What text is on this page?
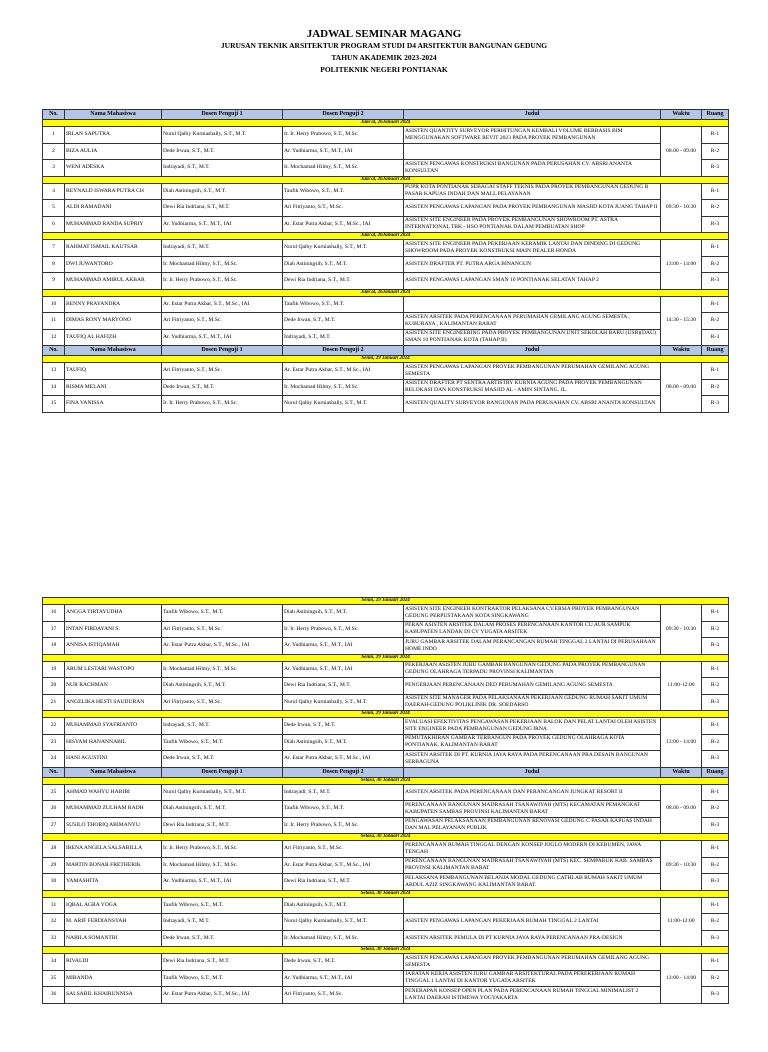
JADWAL SEMINAR MAGANG
JURUSAN TEKNIK ARSITEKTUR PROGRAM STUDI D4 ARSITEKTUR BANGUNAN GEDUNG
TAHUN AKADEMIK 2023-2024
POLITEKNIK NEGERI PONTIANAK
No.	Nama Mahasiswa	Dosen Penguji 1	Dosen Penguji 2	Judul	Waktu	Ruang
Jum'at, 26Januari 2024						
1	IRLAN SAPUTRA	Nurul Qalby Kurniashally, S.T., M.T.	Ir. Ir. Herry Prabowo, S.T., M.Sc.	ASISTEN QUANTITY SURVEYOR PERHITUNGAN KEMBALI VOLUME BERBASIS BIM MENGGUNAKAN SOFTWARE REVIT 2023 PADA PROYEK PEMBANGUNAN	08.00 - 09.00	R-1
2	BIZA AULIA	Dede Irwan, S.T., M.T.	Ar. Yudhiarma, S.T., M.T., IAI			R-2
3	WENI ADESKA	Indrayadi, S.T., M.T.	Ir. Mochamad Hilmy, S.T., M.Sc.	ASISTEN PENGAWAS KONSTRUKSI BANGUNAN PADA PERUSAHAN CV. ABSRI ANANTA KONSULTAN		R-3
Jum'at, 26Januari 2024						
4	REYNALD ISWARA PUTRA CH	Diah Astiningsih, S.T., M.T.	Taufik Wibowo, S.T., M.T.	PUPR KOTA PONTIANAK SEBAGAI STAFF TEKNIS PADA PROYEK PEMBANGUNAN GEDUNG B PASAR KAPUAS INDAH DAN MALL PELAYANAN	09:30 - 10:30	R-1
5	ALDI RAMADANI	Dewi Ria Indriana, S.T., M.T.	Ari Fitriyanto, S.T., M.Sc.	ASISTEN PENGAWAS LAPANGAN PADA PROYEK PEMBANGUNAN MASJID KOTA JUANG TAHAP II		R-2
6	MUHAMMAD RANDA SUPRIY	Ar. Yudhiarma, S.T., M.T., IAI	Ar. Estar Putra Akbar, S.T., M.Sc., IAI	ASISTEN SITE ENGINEER PADA PROYEK PEMBANGUNAN SHOWROOM PT. ASTRA INTERNATIONAL TBK - HSO PONTIANAK DALAM PEMBUATAN SHOP		R-3
Jum'at, 26Januari 2024						
7	RAHMAT ISMAIL KAUTSAR	Indrayadi, S.T., M.T.	Nurul Qalby Kurniashally, S.T., M.T.	ASISTEN SITE ENGINEER PADA PEKERJAAN KERAMIK LANTAI DAN DINDING DI GEDUNG SHOWROOM PADA PROYEK KONSTRUKSI MAIN DEALER HONDA	13:00 - 14:00	R-1
8	DWI JUWANTORO	Ir. Mochamad Hilmy, S.T., M.Sc.	Diah Astiningsih, S.T., M.T.	ASISTEN DRAFTER PT. PUTRA ARGA BINANGUN		R-2
9	MUHAMMAD AMIRUL AKBAR	Ir. Ir. Herry Prabowo, S.T., M.Sc.	Dewi Ria Indriana, S.T., M.T.	ASISTEN PENGAWAS LAPANGAN SMAN 10 PONTIANAK SELATAN TAHAP 2		R-3
Jum'at, 26Januari 2024						
10	BENNY PRAYANDRA	Ar. Estar Putra Akbar, S.T., M.Sc., IAI	Taufik Wibowo, S.T., M.T.		14:30 - 15:30	R-1
11	DIMAS RONY MARYONO	Ari Fitriyanto, S.T., M.Sc.	Dede Irwan, S.T., M.T.	ASISTEN ARSITEK PADA PERENCANAAN PERUMAHAN GEMILANG AGUNG SEMESTA , KUBURAYA , KALIMANTAN BARAT		R-2
12	TAUFIQ AL HAFIZH	Ar. Yudhiarma, S.T., M.T., IAI	Indrayadi, S.T., M.T.	ASISTEN SITE ENGINEERING PADA PROYEK PEMBANGUNAN UNIT SEKOLAH BARU (USB)(DAU) SMAN 10 PONTIANAK KOTA (TAHAP II)		R-3
No.	Nama Mahasiswa	Dosen Penguji 1	Dosen Penguji 2	Judul	Waktu	Ruang
Senin, 29 Januari 2024						
13	TAUFIQ	Ari Fitriyanto, S.T., M.Sc.	Ar. Estar Putra Akbar, S.T., M.Sc., IAI	ASISTEN PENGAWAS LAPANGAN PROYEK PEMBANGUNAN PERUMAHAN GEMILANG AGUNG SEMESTA	08.00 - 09.00	R-1
14	RISMA MELANI	Dede Irwan, S.T., M.T.	Ir. Mochamad Hilmy, S.T., M.Sc.	ASISTEN DRAFTER PT SENTRA ARTISTRY KURNIA AGUNG PADA PROYEK PEMBANGUNAN RELOKASI DAN KONSTRUKSI MASJID AL - AMIN SINTANG. JL.		R-2
15	FINA VANISSA	Ir. Ir. Herry Prabowo, S.T., M.Sc.	Nurul Qalby Kurniashally, S.T., M.T.	ASISTEN QUALITY SURVEYOR BANGUNAN PADA PERUSAHAN CV. ABSRI ANANTA KONSULTAN		R-3
Senin, 29 Januari 2024						
16	ANGGA TIRTAYUDHA	Taufik Wibowo, S.T., M.T.	Diah Astiningsih, S.T., M.T.	ASISTEN SITE ENGINEER KONTRAKTOR PELAKSANA CV.ERSIA PROYEK PEMBANGUNAN GEDUNG PERPUSTAKAAN KOTA SINGKAWANG	09:30 - 10:30	R-1
17	INTAN FIRDAYANI S.	Ari Fitriyanto, S.T., M.Sc.	Ir. Ir. Herry Prabowo, S.T., M.Sc.	PERAN ASISTEN ARSITEK DALAM PROSES PERENCANAAN KANTOR CU AUR SAMPUK KABUPATEN LANDAK DI CV YUGATA ARSITEK		R-2
18	ANNISA ISTIQAMAH	Ar. Estar Putra Akbar, S.T., M.Sc., IAI	Ar. Yudhiarma, S.T., M.T., IAI	JURU GAMBAR ARSITEK DALAM PERANCANGAN RUMAH TINGGAL 2 LANTAI DI PERUSAHAAN HOME INDO		R-3
Senin, 29 Januari 2024						
19	ARUM LESTARI WASTOPO	Ir. Mochamad Hilmy, S.T., M.Sc.	Ar. Yudhiarma, S.T., M.T., IAI	PEKERJAAN ASISTEN JURU GAMBAR BANGUNAN GEDUNG PADA PROYEK PEMBANGUNAN GEDUNG OLAHRAGA TERPADU PROVINSI KALIMANTAN	11:00-12:00	R-1
20	NUR RACHMAN	Diah Astiningsih, S.T., M.T.	Dewi Ria Indriana, S.T., M.T.	PENGERJAAN PERENCANAAN DED PERUMAHAN GEMILANG AGUNG SEMESTA		R-2
21	ANGELIKA HESTI SAUDURAN	Ari Fitriyanto, S.T., M.Sc.	Nurul Qalby Kurniashally, S.T., M.T.	ASISTEN SITE MANAGER PADA PELAKSANAAN PEKERJAAN GEDUNG RUMAH SAKIT UMUM DAERAH-GEDUNG POLIKLINIK DR. SOEDARSO		R-3
Senin, 29 Januari 2024						
22	MUHAMMAD SYAFRIANTO	Indrayadi, S.T., M.T.	Dede Irwan, S.T., M.T.	EVALUASI EFEKTIVITAS PENGAWASAN PEKERJAAN BALOK DAN PELAT LANTAI OLEH ASISTEN SITE ENGINEER PADA PEMBANGUNAN GEDUNG IRNA	13:00 - 14:00	R-1
23	HISYAM HANANNABIL	Taufik Wibowo, S.T., M.T.	Diah Astiningsih, S.T., M.T.	PEMUTAKHIRAN GAMBAR TERBANGUN PADA PROYEK GEDUNG OLAHRAGA KOTA PONTIANAK, KALIMANTAN BARAT		R-2
24	HANI AGUSTINI	Dede Irwan, S.T., M.T.	Ar. Estar Putra Akbar, S.T., M.Sc., IAI	ASISTEN ARSITEK DI PT. KURNIA JAYA RAYA PADA PERENCANAAN PRA DESAIN BANGUNAN SERBAGUNA		R-3
No.	Nama Mahasiswa	Dosen Penguji 1	Dosen Penguji 2	Judul	Waktu	Ruang
Selasa, 30 Januari 2024						
25	AHMAD WAHYU HABIBI	Nurul Qalby Kurniashally, S.T., M.T.	Indrayadi, S.T., M.T.	ASISTEN ARSITEK PADA PERENCANAAN DAN PERANCANGAN JUNGKAT RESORT II	08.00 - 09.00	R-1
26	MUHAMMAD ZULHAM RADH	Diah Astiningsih, S.T., M.T.	Taufik Wibowo, S.T., M.T.	PERENCANAAN BANGUNAN MADRASAH TSANAWIYAH (MTS) KECAMATAN PEMANGKAT KABUPATEN SAMBAS PROVINSI KALIMANTAN BARAT		R-2
27	SUSILO THORIQ ABIMANYU	Dewi Ria Indriana, S.T., M.T.	Ir. Ir. Herry Prabowo, S.T., M.Sc.	PENGAWASAN PELAKSANAAN PEMBANGUNAN RENOVASI GEDUNG C PASAR KAPUAS INDAH DAN MAL PELAYANAN PUBLIK		R-3
Selasa, 30 Januari 2024						
28	IRENA ANGELA SALSABILLA	Ir. Ir. Herry Prabowo, S.T., M.Sc.	Ari Fitriyanto, S.T., M.Sc.	PERENCANAAN RUMAH TINGGAL DENGAN KONSEP JOGLO MODERN DI KEBUMEN, JAWA TENGAH	09:30 - 10:30	R-1
29	MARTIN BONAR FRETHERIK	Ir. Mochamad Hilmy, S.T., M.Sc.	Ar. Estar Putra Akbar, S.T., M.Sc., IAI	PERENCANAAN BANGUNAN MADRASAH TSANAWIYAH (MTS) KEC. SEMPARUK KAB. SAMBAS PROVINSI KALIMANTAN BARAT		R-2
30	YAMASHITA	Ar. Yudhiarma, S.T., M.T., IAI	Dewi Ria Indriana, S.T., M.T.	PELAKSANA PEMBANGUNAN BELANJA MODAL GEDUNG CATHLAB RUMAH SAKIT UMUM ABDUL AZIZ SINGKAWANG KALIMANTAN BARAT.		R-3
Selasa, 30 Januari 2024						
31	IQBAL AGRA YOGA	Taufik Wibowo, S.T., M.T.	Diah Astiningsih, S.T., M.T.		11:00-12:00	R-1
32	M. ARIF FERDIANSYAH	Indrayadi, S.T., M.T.	Nurul Qalby Kurniashally, S.T., M.T.	ASISTEN PENGAWAS LAPANGAN PEKERJAAN RUMAH TINGGAL 2 LANTAI		R-2
33	NABILA SOMANTRI	Dede Irwan, S.T., M.T.	Ir. Mochamad Hilmy, S.T., M.Sc.	ASISTEN ARSITEK PEMULA DI PT KURNIA JAYA RAYA PERENCANAAN PRA-DESIGN		R-3
Selasa, 30 Januari 2024						
34	RIVALDI	Dewi Ria Indriana, S.T., M.T.	Dede Irwan, S.T., M.T.	ASISTEN PENGAWAS LAPANGAN PROYEK PEMBANGUNAN PERUMAHAN GEMILANG AGUNG SEMESTA	13:00 - 14:00	R-1
35	MIRANDA	Taufik Wibowo, S.T., M.T.	Ar. Yudhiarma, S.T., M.T., IAI	JABATAN KERJA ASISTEN JURU GAMBAR ARSITEKTURAL PADA PEREKERJAAN RUMAH TINGGAL 1 LANTAI DI KANTOR YUGATA ARSITEK		R-2
36	SALSABIL KHAIRUNNISA	Ar. Estar Putra Akbar, S.T., M.Sc., IAI	Ari Fitriyanto, S.T., M.Sc.	PENERAPAN KONSEP OPEN PLAN PADA PERENCANAAN RUMAH TINGGAL MINIMALIST 2 LANTAI DAERAH ISTIMEWA YOGYAKARTA		R-3
